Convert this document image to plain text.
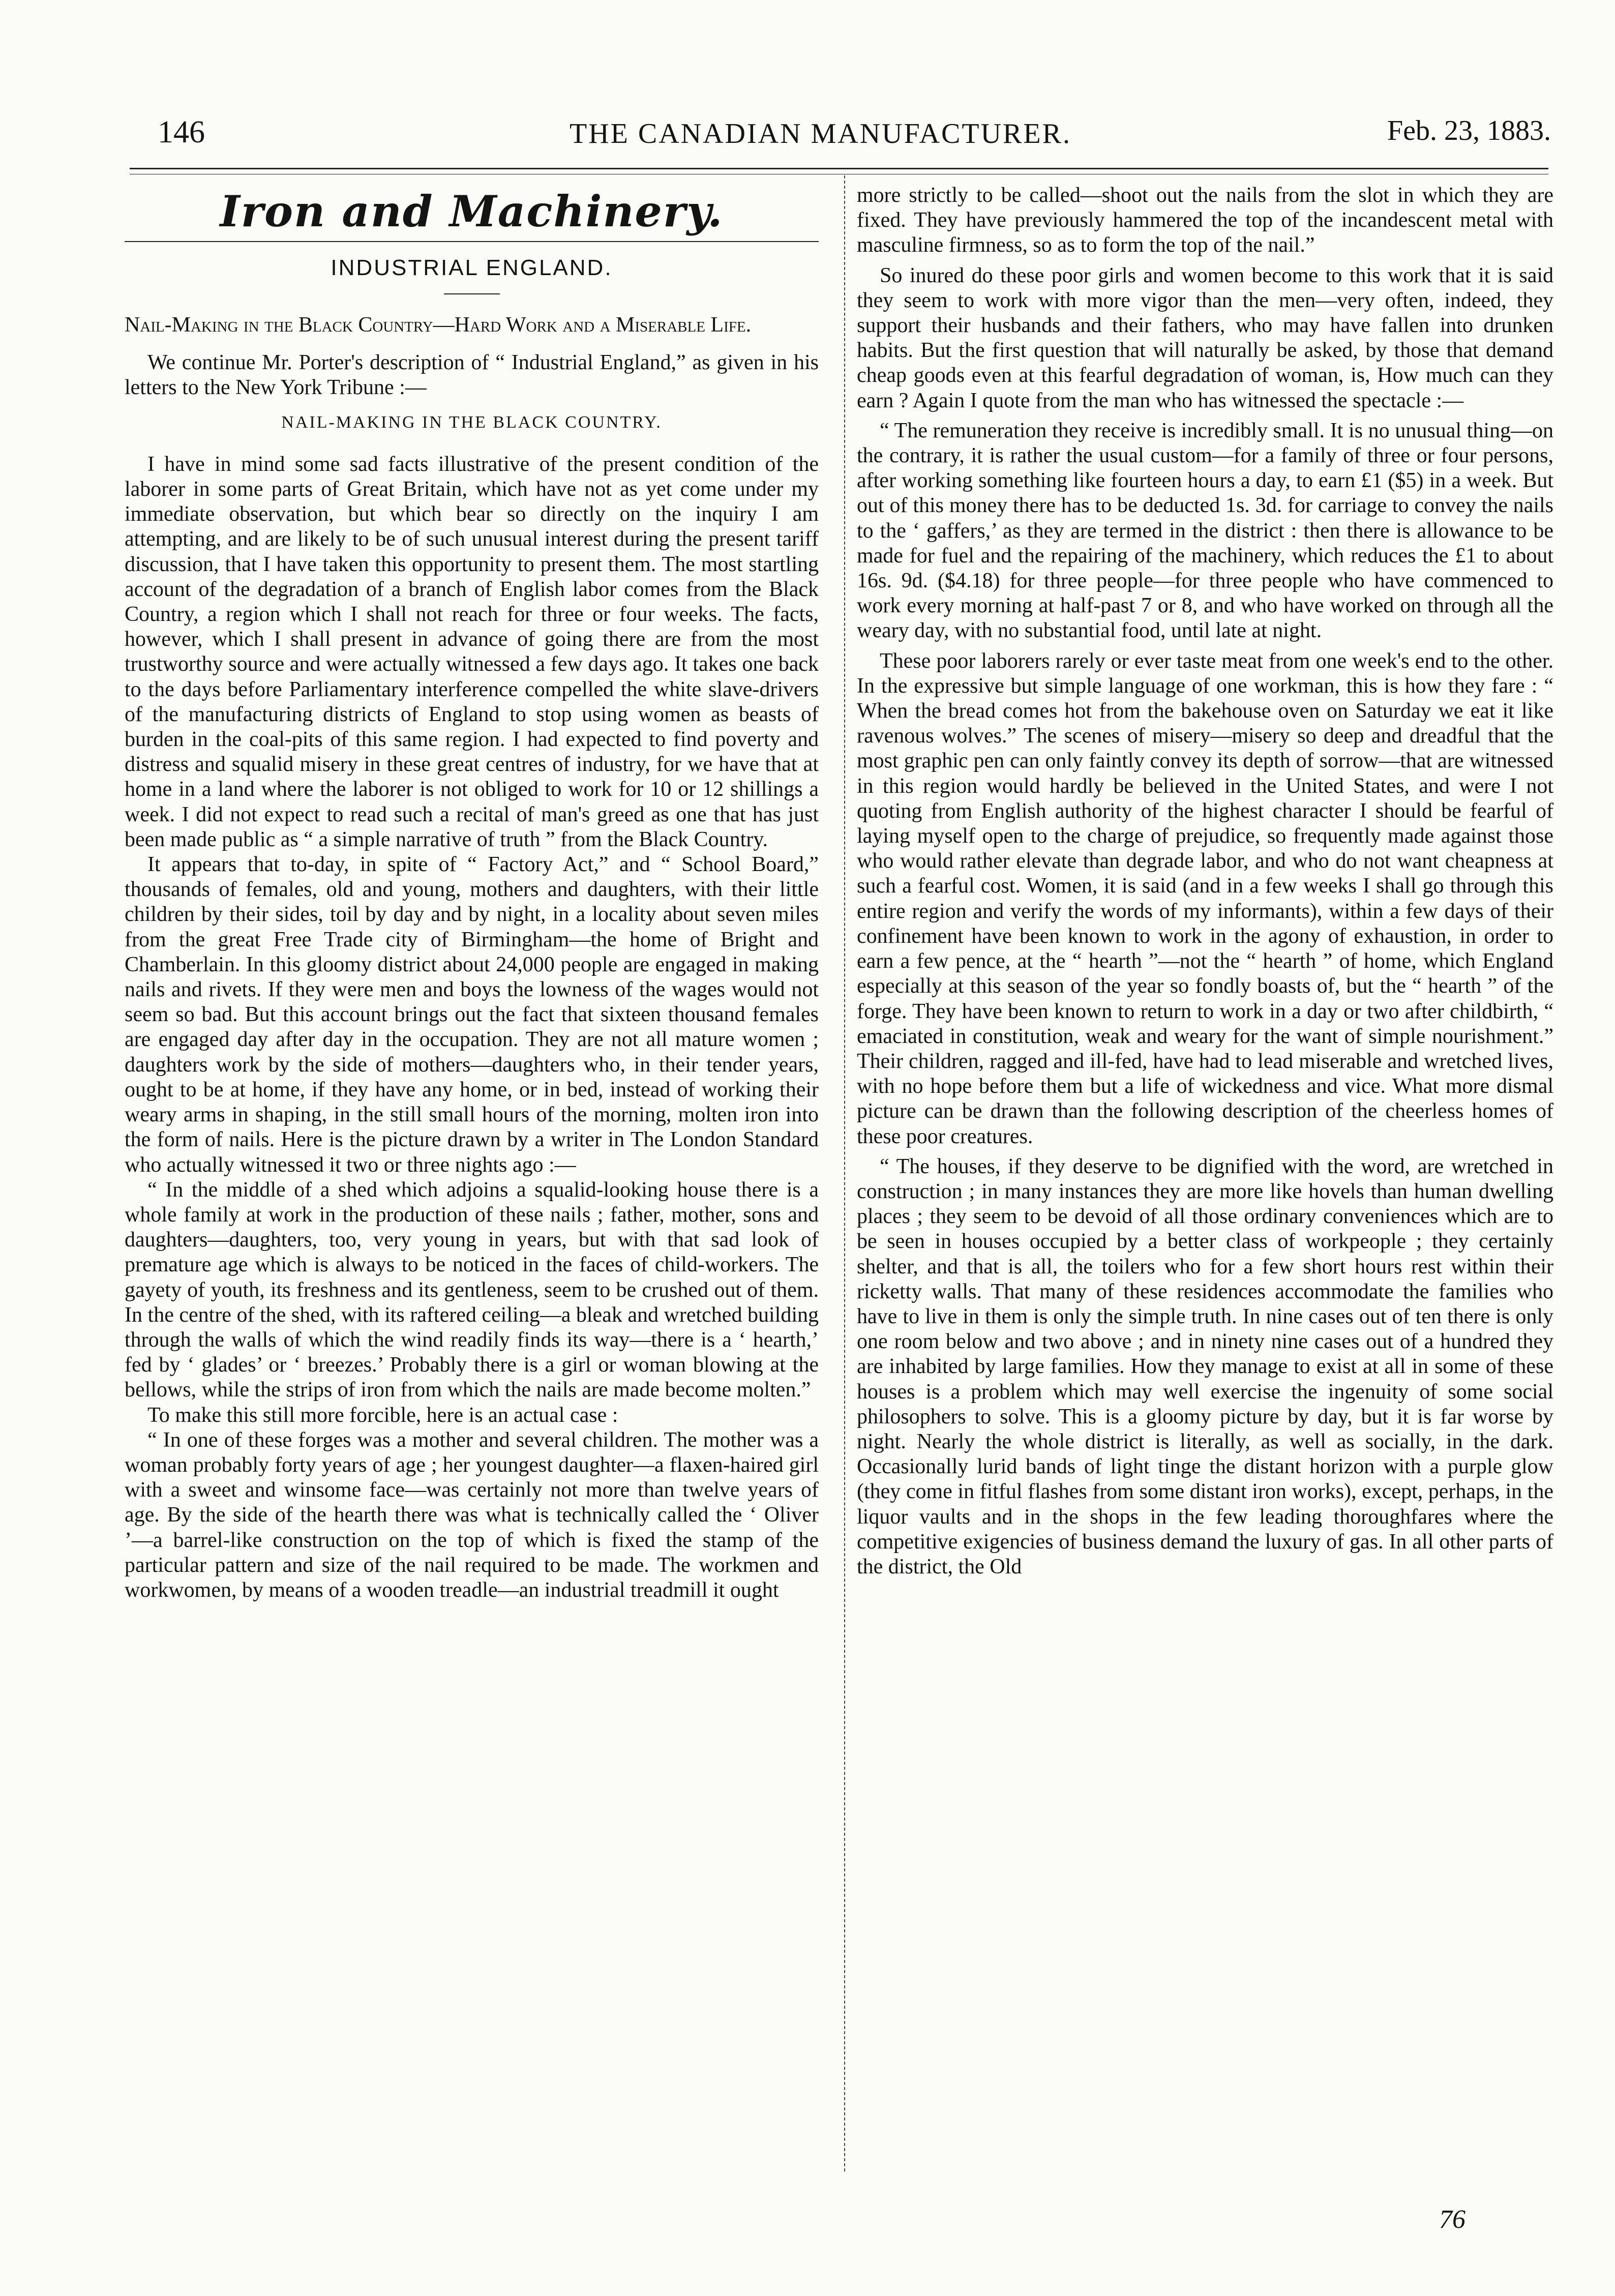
146	THE CANADIAN MANUFACTURER.	Feb. 23, 1883.
Iron and Machinery.
INDUSTRIAL ENGLAND.

Nail-Making in the Black Country—Hard Work and a Miserable Life.

We continue Mr. Porter's description of “ Industrial England,” as given in his letters to the New York Tribune :—

NAIL-MAKING IN THE BLACK COUNTRY.

I have in mind some sad facts illustrative of the present condition of the laborer in some parts of Great Britain, which have not as yet come under my immediate observation, but which bear so directly on the inquiry I am attempting, and are likely to be of such unusual interest during the present tariff discussion, that I have taken this opportunity to present them. The most startling account of the degradation of a branch of English labor comes from the Black Country, a region which I shall not reach for three or four weeks. The facts, however, which I shall present in advance of going there are from the most trustworthy source and were actually witnessed a few days ago. It takes one back to the days before Parliamentary interference compelled the white slave-drivers of the manufacturing districts of England to stop using women as beasts of burden in the coal-pits of this same region. I had expected to find poverty and distress and squalid misery in these great centres of industry, for we have that at home in a land where the laborer is not obliged to work for 10 or 12 shillings a week. I did not expect to read such a recital of man's greed as one that has just been made public as “ a simple narrative of truth ” from the Black Country.

It appears that to-day, in spite of “ Factory Act,” and “ School Board,” thousands of females, old and young, mothers and daughters, with their little children by their sides, toil by day and by night, in a locality about seven miles from the great Free Trade city of Birmingham—the home of Bright and Chamberlain. In this gloomy district about 24,000 people are engaged in making nails and rivets. If they were men and boys the lowness of the wages would not seem so bad. But this account brings out the fact that sixteen thousand females are engaged day after day in the occupation. They are not all mature women ; daughters work by the side of mothers—daughters who, in their tender years, ought to be at home, if they have any home, or in bed, instead of working their weary arms in shaping, in the still small hours of the morning, molten iron into the form of nails. Here is the picture drawn by a writer in The London Standard who actually witnessed it two or three nights ago :—

“ In the middle of a shed which adjoins a squalid-looking house there is a whole family at work in the production of these nails ; father, mother, sons and daughters—daughters, too, very young in years, but with that sad look of premature age which is always to be noticed in the faces of child-workers. The gayety of youth, its freshness and its gentleness, seem to be crushed out of them. In the centre of the shed, with its raftered ceiling—a bleak and wretched building through the walls of which the wind readily finds its way—there is a ‘ hearth,’ fed by ‘ glades’ or ‘ breezes.’ Probably there is a girl or woman blowing at the bellows, while the strips of iron from which the nails are made become molten.”

To make this still more forcible, here is an actual case :

“ In one of these forges was a mother and several children. The mother was a woman probably forty years of age ; her youngest daughter—a flaxen-haired girl with a sweet and winsome face—was certainly not more than twelve years of age. By the side of the hearth there was what is technically called the ‘ Oliver ’—a barrel-like construction on the top of which is fixed the stamp of the particular pattern and size of the nail required to be made. The workmen and workwomen, by means of a wooden treadle—an industrial treadmill it ought

more strictly to be called—shoot out the nails from the slot in which they are fixed. They have previously hammered the top of the incandescent metal with masculine firmness, so as to form the top of the nail.”

So inured do these poor girls and women become to this work that it is said they seem to work with more vigor than the men—very often, indeed, they support their husbands and their fathers, who may have fallen into drunken habits. But the first question that will naturally be asked, by those that demand cheap goods even at this fearful degradation of woman, is, How much can they earn ? Again I quote from the man who has witnessed the spectacle :—

“ The remuneration they receive is incredibly small. It is no unusual thing—on the contrary, it is rather the usual custom—for a family of three or four persons, after working something like fourteen hours a day, to earn £1 ($5) in a week. But out of this money there has to be deducted 1s. 3d. for carriage to convey the nails to the ‘ gaffers,’ as they are termed in the district : then there is allowance to be made for fuel and the repairing of the machinery, which reduces the £1 to about 16s. 9d. ($4.18) for three people—for three people who have commenced to work every morning at half-past 7 or 8, and who have worked on through all the weary day, with no substantial food, until late at night.

These poor laborers rarely or ever taste meat from one week's end to the other. In the expressive but simple language of one workman, this is how they fare : “ When the bread comes hot from the bakehouse oven on Saturday we eat it like ravenous wolves.” The scenes of misery—misery so deep and dreadful that the most graphic pen can only faintly convey its depth of sorrow—that are witnessed in this region would hardly be believed in the United States, and were I not quoting from English authority of the highest character I should be fearful of laying myself open to the charge of prejudice, so frequently made against those who would rather elevate than degrade labor, and who do not want cheapness at such a fearful cost. Women, it is said (and in a few weeks I shall go through this entire region and verify the words of my informants), within a few days of their confinement have been known to work in the agony of exhaustion, in order to earn a few pence, at the “ hearth ”—not the “ hearth ” of home, which England especially at this season of the year so fondly boasts of, but the “ hearth ” of the forge. They have been known to return to work in a day or two after childbirth, “ emaciated in constitution, weak and weary for the want of simple nourishment.” Their children, ragged and ill-fed, have had to lead miserable and wretched lives, with no hope before them but a life of wickedness and vice. What more dismal picture can be drawn than the following description of the cheerless homes of these poor creatures.

“ The houses, if they deserve to be dignified with the word, are wretched in construction ; in many instances they are more like hovels than human dwelling places ; they seem to be devoid of all those ordinary conveniences which are to be seen in houses occupied by a better class of workpeople ; they certainly shelter, and that is all, the toilers who for a few short hours rest within their ricketty walls. That many of these residences accommodate the families who have to live in them is only the simple truth. In nine cases out of ten there is only one room below and two above ; and in ninety nine cases out of a hundred they are inhabited by large families. How they manage to exist at all in some of these houses is a problem which may well exercise the ingenuity of some social philosophers to solve. This is a gloomy picture by day, but it is far worse by night. Nearly the whole district is literally, as well as socially, in the dark. Occasionally lurid bands of light tinge the distant horizon with a purple glow (they come in fitful flashes from some distant iron works), except, perhaps, in the liquor vaults and in the shops in the few leading thoroughfares where the competitive exigencies of business demand the luxury of gas. In all other parts of the district, the Old

76
